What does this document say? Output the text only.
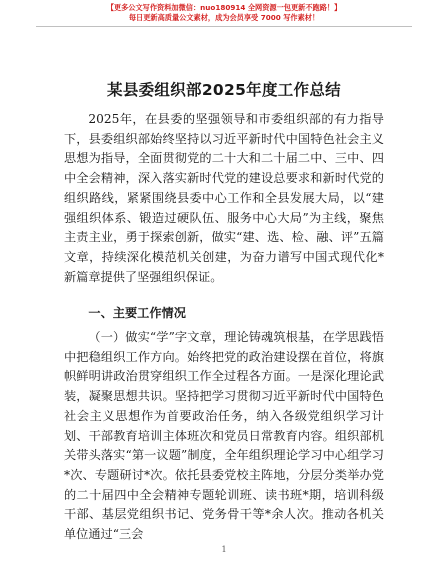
【更多公文写作资料加微信：nuo180914 全网资源一包更新不跑路！】
每日更新高质量公文素材，成为会员享受 7000 写作素材！
某县委组织部2025年度工作总结

2025年，在县委的坚强领导和市委组织部的有力指导下，县委组织部始终坚持以习近平新时代中国特色社会主义思想为指导，全面贯彻党的二十大和二十届二中、三中、四中全会精神，深入落实新时代党的建设总要求和新时代党的组织路线，紧紧围绕县委中心工作和全县发展大局，以“建强组织体系、锻造过硬队伍、服务中心大局”为主线，聚焦主责主业，勇于探索创新，做实“建、选、检、融、评”五篇文章，持续深化模范机关创建，为奋力谱写中国式现代化*新篇章提供了坚强组织保证。

一、主要工作情况

（一）做实“学”字文章，理论铸魂筑根基，在学思践悟中把稳组织工作方向。始终把党的政治建设摆在首位，将旗帜鲜明讲政治贯穿组织工作全过程各方面。一是深化理论武装，凝聚思想共识。坚持把学习贯彻习近平新时代中国特色社会主义思想作为首要政治任务，纳入各级党组织学习计划、干部教育培训主体班次和党员日常教育内容。组织部机关带头落实“第一议题”制度，全年组织理论学习中心组学习*次、专题研讨*次。依托县委党校主阵地，分层分类举办党的二十届四中全会精神专题轮训班、读书班*期，培训科级干部、基层党组织书记、党务骨干等*余人次。推动各机关单位通过“三会

1
